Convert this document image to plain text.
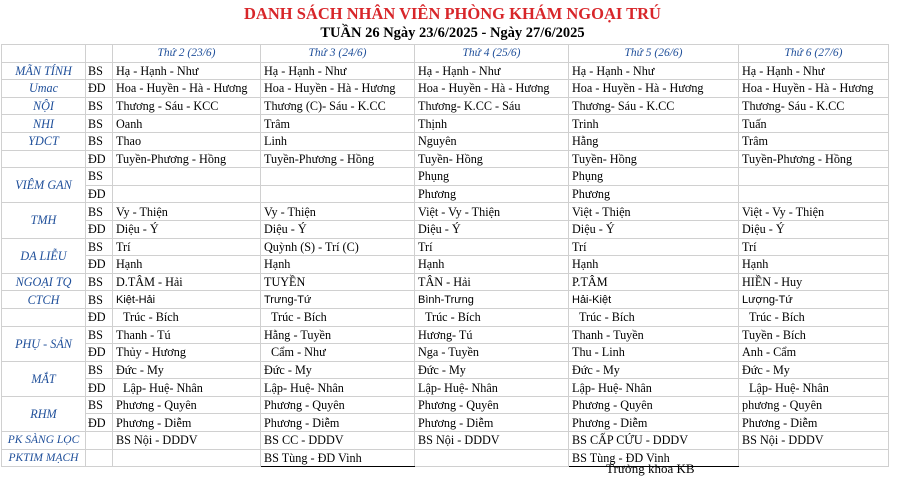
DANH SÁCH NHÂN VIÊN PHÒNG KHÁM NGOẠI TRÚ
TUẦN 26 Ngày 23/6/2025 - Ngày 27/6/2025
		Thứ 2 (23/6)	Thứ 3 (24/6)	Thứ 4 (25/6)	Thứ 5 (26/6)	Thứ 6 (27/6)
MÃN TÍNH	BS	Hạ - Hạnh - Như	Hạ - Hạnh - Như	Hạ - Hạnh - Như	Hạ - Hạnh - Như	Hạ - Hạnh - Như
Umac	ĐD	Hoa - Huyền - Hà - Hương	Hoa - Huyền - Hà - Hương	Hoa - Huyền - Hà - Hương	Hoa - Huyền - Hà - Hương	Hoa - Huyền - Hà - Hương
NỘI	BS	Thương - Sáu - KCC	Thương (C)- Sáu - K.CC	Thương- K.CC - Sáu	Thương- Sáu - K.CC	Thương- Sáu - K.CC
NHI	BS	Oanh	Trâm	Thịnh	Trinh	Tuấn
YDCT	BS	Thao	Linh	Nguyên	Hằng	Trâm
	ĐD	Tuyền-Phương - Hồng	Tuyền-Phương - Hồng	Tuyền- Hồng	Tuyền- Hồng	Tuyền-Phương - Hồng
VIÊM GAN	BS			Phụng	Phụng	
	ĐD			Phương	Phương	
TMH	BS	Vy - Thiện	Vy - Thiện	Việt - Vy - Thiện	Việt - Thiện	Việt - Vy - Thiện
	ĐD	Diệu - Ý	Diệu - Ý	Diệu - Ý	Diệu - Ý	Diệu - Ý
DA LIỄU	BS	Trí	Quỳnh (S) - Trí (C)	Trí	Trí	Trí
	ĐD	Hạnh	Hạnh	Hạnh	Hạnh	Hạnh
NGOẠI TQ	BS	D.TÂM - Hải	TUYỀN	TÂN - Hải	P.TÂM	HIỀN - Huy
CTCH	BS	Kiệt-Hải	Trưng-Tứ	Bình-Trưng	Hải-Kiệt	Lượng-Tứ
	ĐD	Trúc - Bích	Trúc - Bích	Trúc - Bích	Trúc - Bích	Trúc - Bích
PHỤ - SẢN	BS	Thanh - Tú	Hằng - Tuyền	Hương- Tú	Thanh - Tuyền	Tuyền - Bích
	ĐD	Thủy - Hương	Cẩm - Như	Nga - Tuyền	Thu - Linh	Anh - Cẩm
MẮT	BS	Đức - My	Đức - My	Đức - My	Đức - My	Đức - My
	ĐD	Lập- Huệ- Nhân	Lập- Huệ- Nhân	Lập- Huệ- Nhân	Lập- Huệ- Nhân	Lập- Huệ- Nhân
RHM	BS	Phương - Quyên	Phương - Quyên	Phương - Quyên	Phương - Quyên	phương - Quyên
	ĐD	Phương - Diễm	Phương - Diễm	Phương - Diễm	Phương - Diễm	Phương - Diễm
PK SÀNG LỌC		BS Nội - DDDV	BS CC - DDDV	BS Nội - DDDV	BS CẤP CỨU - DDDV	BS Nội - DDDV
PKTIM MẠCH			BS Tùng - ĐD Vinh		BS Tùng - ĐD Vinh	
Trưởng khoa KB
